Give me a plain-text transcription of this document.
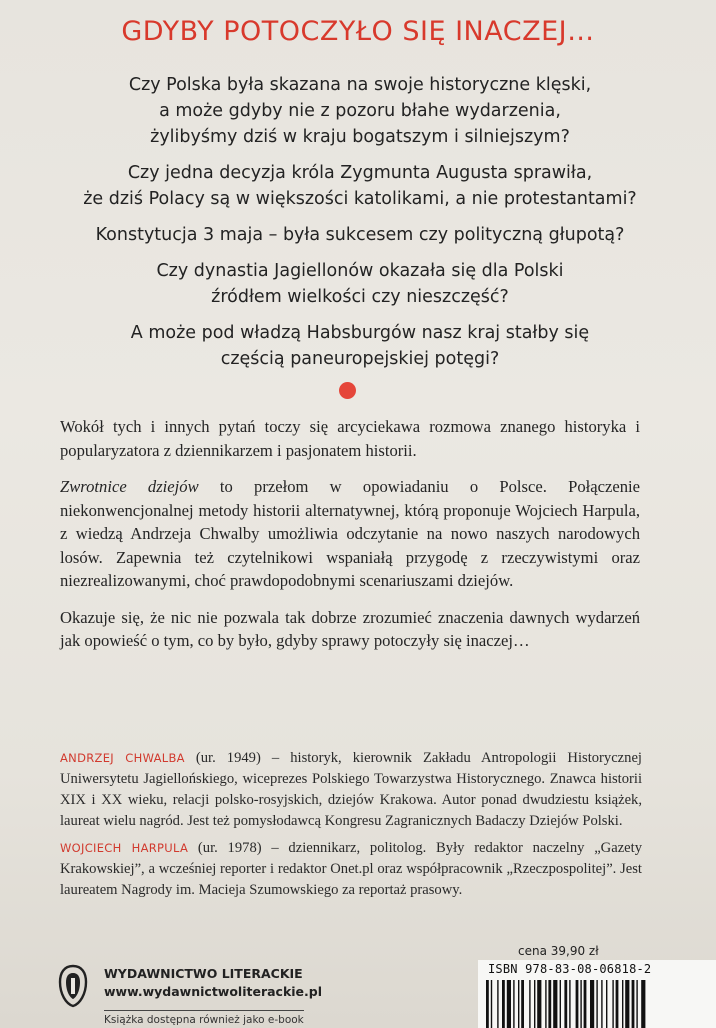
GDYBY POTOCZYŁO SIĘ INACZEJ…

Czy Polska była skazana na swoje historyczne klęski,
a może gdyby nie z pozoru błahe wydarzenia,
żylibyśmy dziś w kraju bogatszym i silniejszym?

Czy jedna decyzja króla Zygmunta Augusta sprawiła,
że dziś Polacy są w większości katolikami, a nie protestantami?

Konstytucja 3 maja – była sukcesem czy polityczną głupotą?

Czy dynastia Jagiellonów okazała się dla Polski
źródłem wielkości czy nieszczęść?

A może pod władzą Habsburgów nasz kraj stałby się
częścią paneuropejskiej potęgi?

Wokół tych i innych pytań toczy się arcyciekawa rozmowa znanego historyka i popularyzatora z dziennikarzem i pasjonatem historii.

Zwrotnice dziejów to przełom w opowiadaniu o Polsce. Połączenie niekonwencjonalnej metody historii alternatywnej, którą proponuje Wojciech Harpula, z wiedzą Andrzeja Chwalby umożliwia odczytanie na nowo naszych narodowych losów. Zapewnia też czytelnikowi wspaniałą przygodę z rzeczywistymi oraz niezrealizowanymi, choć prawdopodobnymi scenariuszami dziejów.

Okazuje się, że nic nie pozwala tak dobrze zrozumieć znaczenia dawnych wydarzeń jak opowieść o tym, co by było, gdyby sprawy potoczyły się inaczej…

ANDRZEJ CHWALBA (ur. 1949) – historyk, kierownik Zakładu Antropologii Historycznej Uniwersytetu Jagiellońskiego, wiceprezes Polskiego Towarzystwa Historycznego. Znawca historii XIX i XX wieku, relacji polsko-rosyjskich, dziejów Krakowa. Autor ponad dwudziestu książek, laureat wielu nagród. Jest też pomysłodawcą Kongresu Zagranicznych Badaczy Dziejów Polski.

WOJCIECH HARPULA (ur. 1978) – dziennikarz, politolog. Były redaktor naczelny „Gazety Krakowskiej”, a wcześniej reporter i redaktor Onet.pl oraz współpracownik „Rzeczpospolitej”. Jest laureatem Nagrody im. Macieja Szumowskiego za reportaż prasowy.

WYDAWNICTWO LITERACKIE
www.wydawnictwoliterackie.pl
Książka dostępna również jako e-book
cena 39,90 zł
ISBN 978-83-08-06818-2
